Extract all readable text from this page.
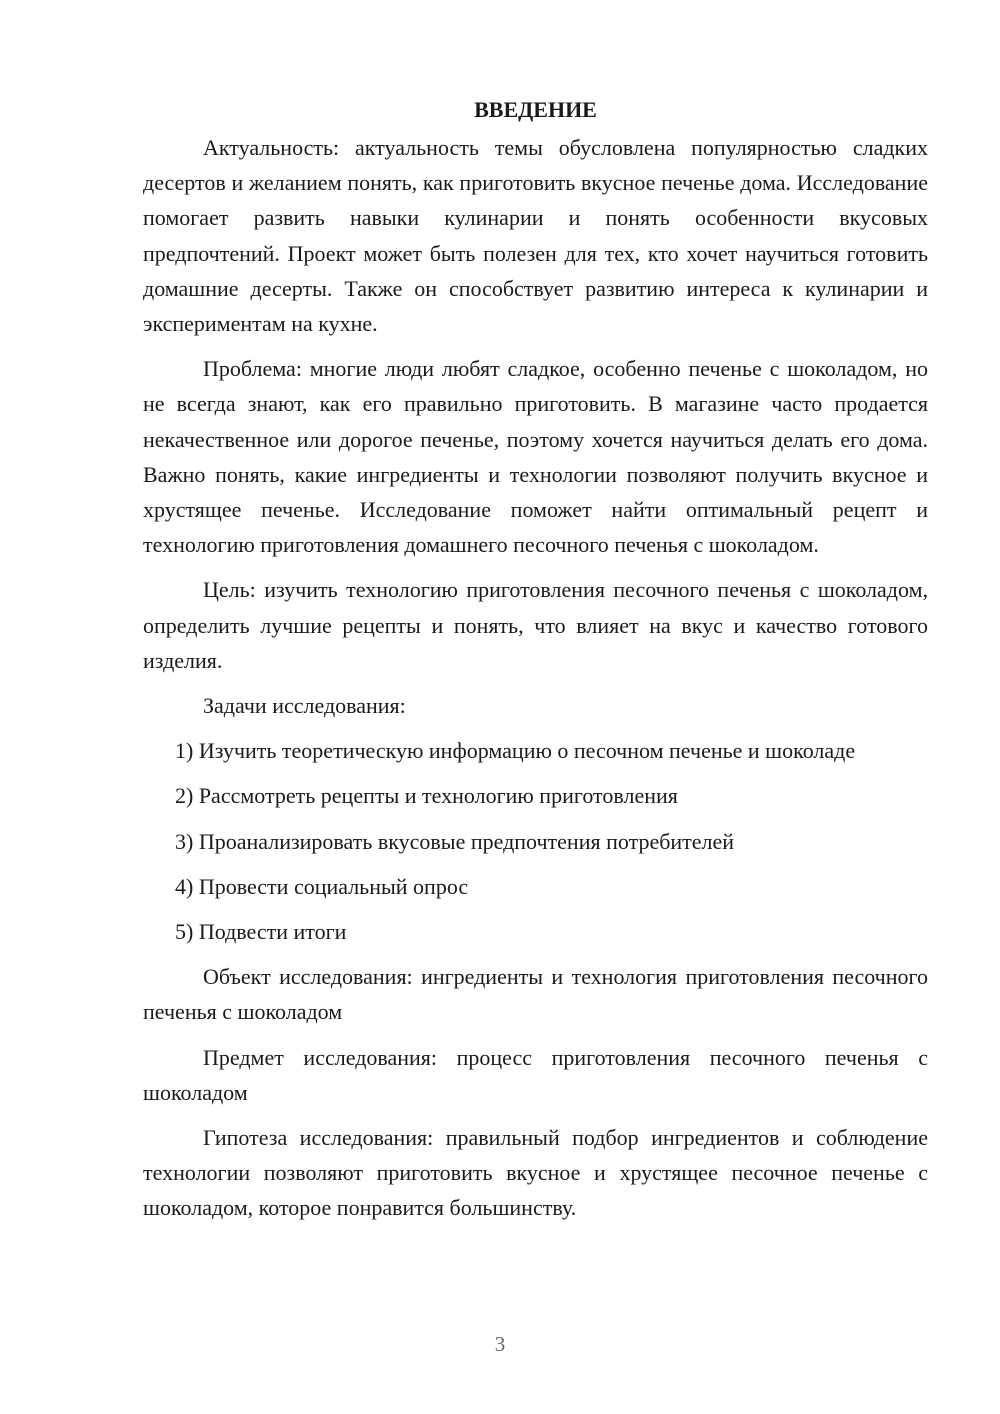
ВВЕДЕНИЕ

Актуальность: актуальность темы обусловлена популярностью сладких десертов и желанием понять, как приготовить вкусное печенье дома. Исследование помогает развить навыки кулинарии и понять особенности вкусовых предпочтений. Проект может быть полезен для тех, кто хочет научиться готовить домашние десерты. Также он способствует развитию интереса к кулинарии и экспериментам на кухне.

Проблема: многие люди любят сладкое, особенно печенье с шоколадом, но не всегда знают, как его правильно приготовить. В магазине часто продается некачественное или дорогое печенье, поэтому хочется научиться делать его дома. Важно понять, какие ингредиенты и технологии позволяют получить вкусное и хрустящее печенье. Исследование поможет найти оптимальный рецепт и технологию приготовления домашнего песочного печенья с шоколадом.

Цель: изучить технологию приготовления песочного печенья с шоколадом, определить лучшие рецепты и понять, что влияет на вкус и качество готового изделия.

Задачи исследования:

1) Изучить теоретическую информацию о песочном печенье и шоколаде

2) Рассмотреть рецепты и технологию приготовления

3) Проанализировать вкусовые предпочтения потребителей

4) Провести социальный опрос

5) Подвести итоги

Объект исследования: ингредиенты и технология приготовления песочного печенья с шоколадом

Предмет исследования: процесс приготовления песочного печенья с шоколадом

Гипотеза исследования: правильный подбор ингредиентов и соблюдение технологии позволяют приготовить вкусное и хрустящее песочное печенье с шоколадом, которое понравится большинству.

3
